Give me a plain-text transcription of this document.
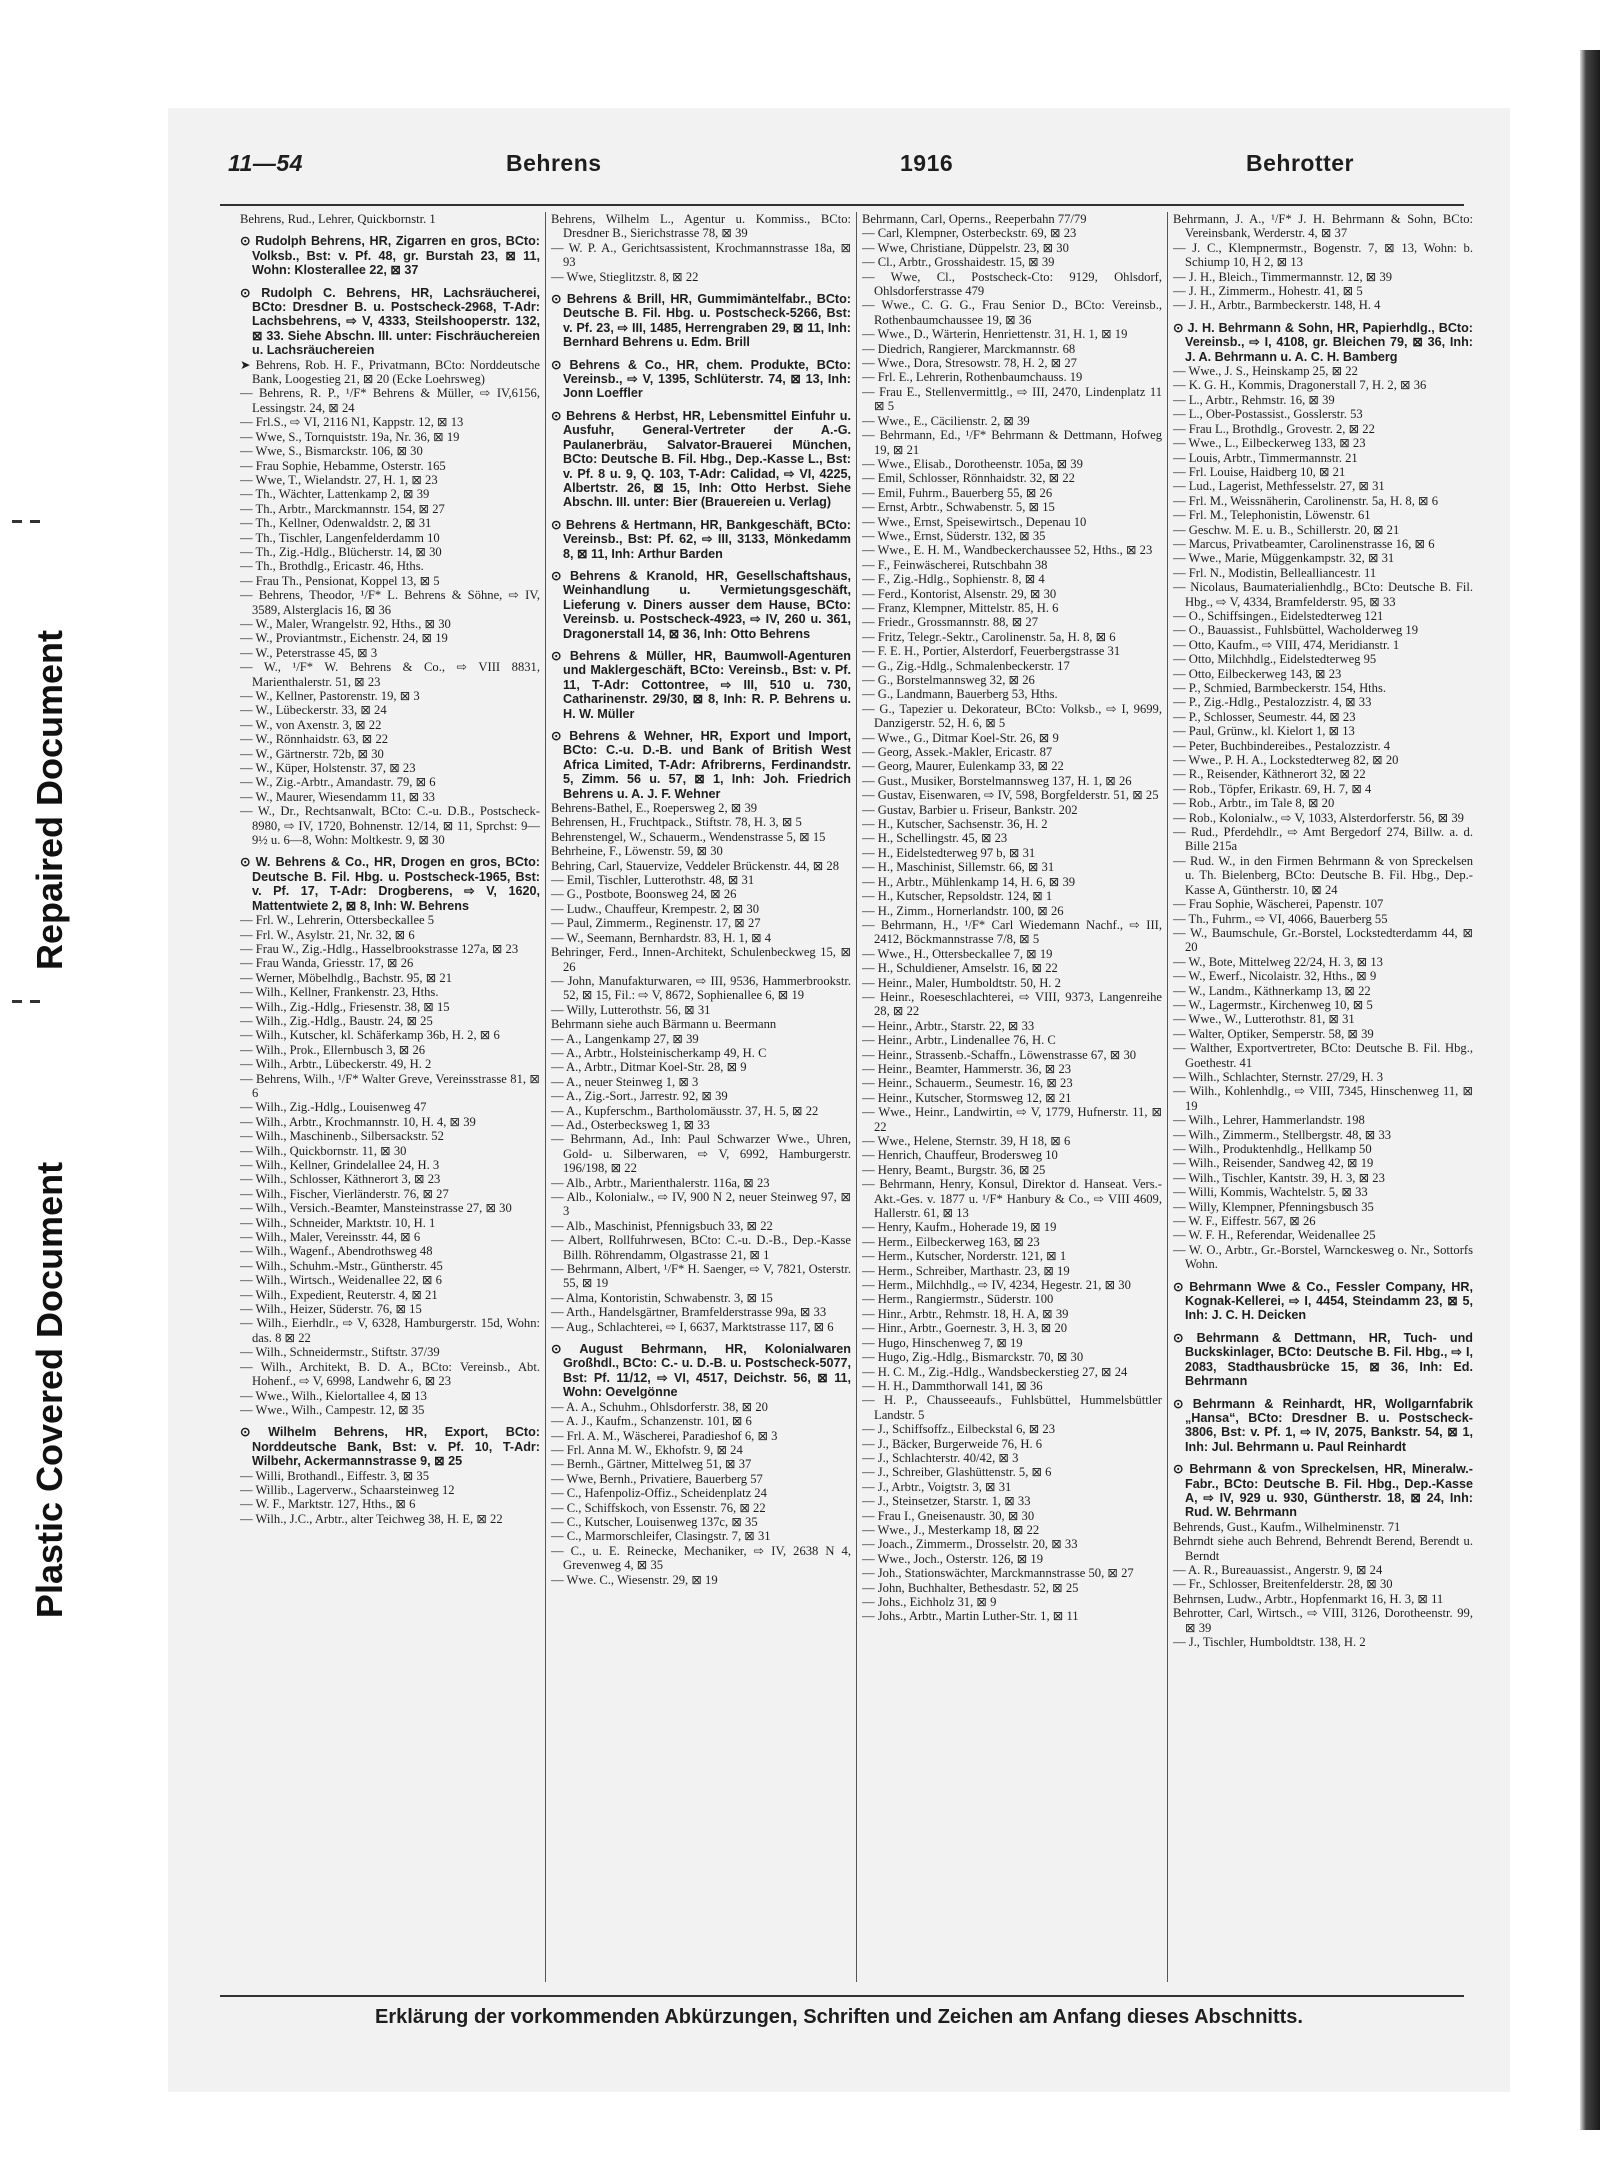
Repaired Document
Plastic Covered Document
11—54	Behrens	1916	Behrotter

Behrens, Rud., Lehrer, Quickbornstr. 1

⊙ Rudolph Behrens, HR, Zigarren en gros, BCto: Volksb., Bst: v. Pf. 48, gr. Burstah 23, ⊠ 11, Wohn: Klosterallee 22, ⊠ 37

⊙ Rudolph C. Behrens, HR, Lachsräucherei, BCto: Dresdner B. u. Postscheck-2968, T-Adr: Lachsbehrens, ⇨ V, 4333, Steilshooperstr. 132, ⊠ 33. Siehe Abschn. III. unter: Fischräuchereien u. Lachsräuchereien

➤ Behrens, Rob. H. F., Privatmann, BCto: Norddeutsche Bank, Loogestieg 21, ⊠ 20 (Ecke Loehrsweg)

— Behrens, R. P., ¹/F* Behrens & Müller, ⇨ IV,6156, Lessingstr. 24, ⊠ 24

— Frl.S., ⇨ VI, 2116 N1, Kappstr. 12, ⊠ 13

— Wwe, S., Tornquiststr. 19a, Nr. 36, ⊠ 19

— Wwe, S., Bismarckstr. 106, ⊠ 30

— Frau Sophie, Hebamme, Osterstr. 165

— Wwe, T., Wielandstr. 27, H. 1, ⊠ 23

— Th., Wächter, Lattenkamp 2, ⊠ 39

— Th., Arbtr., Marckmannstr. 154, ⊠ 27

— Th., Kellner, Odenwaldstr. 2, ⊠ 31

— Th., Tischler, Langenfelderdamm 10

— Th., Zig.-Hdlg., Blücherstr. 14, ⊠ 30

— Th., Brothdlg., Ericastr. 46, Hths.

— Frau Th., Pensionat, Koppel 13, ⊠ 5

— Behrens, Theodor, ¹/F* L. Behrens & Söhne, ⇨ IV, 3589, Alsterglacis 16, ⊠ 36

— W., Maler, Wrangelstr. 92, Hths., ⊠ 30

— W., Proviantmstr., Eichenstr. 24, ⊠ 19

— W., Peterstrasse 45, ⊠ 3

— W., ¹/F* W. Behrens & Co., ⇨ VIII 8831, Marienthalerstr. 51, ⊠ 23

— W., Kellner, Pastorenstr. 19, ⊠ 3

— W., Lübeckerstr. 33, ⊠ 24

— W., von Axenstr. 3, ⊠ 22

— W., Rönnhaidstr. 63, ⊠ 22

— W., Gärtnerstr. 72b, ⊠ 30

— W., Küper, Holstenstr. 37, ⊠ 23

— W., Zig.-Arbtr., Amandastr. 79, ⊠ 6

— W., Maurer, Wiesendamm 11, ⊠ 33

— W., Dr., Rechtsanwalt, BCto: C.-u. D.B., Postscheck-8980, ⇨ IV, 1720, Bohnenstr. 12/14, ⊠ 11, Sprchst: 9—9½ u. 6—8, Wohn: Moltkestr. 9, ⊠ 30

⊙ W. Behrens & Co., HR, Drogen en gros, BCto: Deutsche B. Fil. Hbg. u. Postscheck-1965, Bst: v. Pf. 17, T-Adr: Drogberens, ⇨ V, 1620, Mattentwiete 2, ⊠ 8, Inh: W. Behrens

— Frl. W., Lehrerin, Ottersbeckallee 5

— Frl. W., Asylstr. 21, Nr. 32, ⊠ 6

— Frau W., Zig.-Hdlg., Hasselbrookstrasse 127a, ⊠ 23

— Frau Wanda, Griesstr. 17, ⊠ 26

— Werner, Möbelhdlg., Bachstr. 95, ⊠ 21

— Wilh., Kellner, Frankenstr. 23, Hths.

— Wilh., Zig.-Hdlg., Friesenstr. 38, ⊠ 15

— Wilh., Zig.-Hdlg., Baustr. 24, ⊠ 25

— Wilh., Kutscher, kl. Schäferkamp 36b, H. 2, ⊠ 6

— Wilh., Prok., Ellernbusch 3, ⊠ 26

— Wilh., Arbtr., Lübeckerstr. 49, H. 2

— Behrens, Wilh., ¹/F* Walter Greve, Vereinsstrasse 81, ⊠ 6

— Wilh., Zig.-Hdlg., Louisenweg 47

— Wilh., Arbtr., Krochmannstr. 10, H. 4, ⊠ 39

— Wilh., Maschinenb., Silbersackstr. 52

— Wilh., Quickbornstr. 11, ⊠ 30

— Wilh., Kellner, Grindelallee 24, H. 3

— Wilh., Schlosser, Käthnerort 3, ⊠ 23

— Wilh., Fischer, Vierländerstr. 76, ⊠ 27

— Wilh., Versich.-Beamter, Mansteinstrasse 27, ⊠ 30

— Wilh., Schneider, Marktstr. 10, H. 1

— Wilh., Maler, Vereinsstr. 44, ⊠ 6

— Wilh., Wagenf., Abendrothsweg 48

— Wilh., Schuhm.-Mstr., Güntherstr. 45

— Wilh., Wirtsch., Weidenallee 22, ⊠ 6

— Wilh., Expedient, Reuterstr. 4, ⊠ 21

— Wilh., Heizer, Süderstr. 76, ⊠ 15

— Wilh., Eierhdlr., ⇨ V, 6328, Hamburgerstr. 15d, Wohn: das. 8 ⊠ 22

— Wilh., Schneidermstr., Stiftstr. 37/39

— Wilh., Architekt, B. D. A., BCto: Vereinsb., Abt. Hohenf., ⇨ V, 6998, Landwehr 6, ⊠ 23

— Wwe., Wilh., Kielortallee 4, ⊠ 13

— Wwe., Wilh., Campestr. 12, ⊠ 35

⊙ Wilhelm Behrens, HR, Export, BCto: Norddeutsche Bank, Bst: v. Pf. 10, T-Adr: Wilbehr, Ackermannstrasse 9, ⊠ 25

— Willi, Brothandl., Eiffestr. 3, ⊠ 35

— Willib., Lagerverw., Schaarsteinweg 12

— W. F., Marktstr. 127, Hths., ⊠ 6

— Wilh., J.C., Arbtr., alter Teichweg 38, H. E, ⊠ 22

Behrens, Wilhelm L., Agentur u. Kommiss., BCto: Dresdner B., Sierichstrasse 78, ⊠ 39

— W. P. A., Gerichtsassistent, Krochmannstrasse 18a, ⊠ 93

— Wwe, Stieglitzstr. 8, ⊠ 22

⊙ Behrens & Brill, HR, Gummimäntelfabr., BCto: Deutsche B. Fil. Hbg. u. Postscheck-5266, Bst: v. Pf. 23, ⇨ III, 1485, Herrengraben 29, ⊠ 11, Inh: Bernhard Behrens u. Edm. Brill

⊙ Behrens & Co., HR, chem. Produkte, BCto: Vereinsb., ⇨ V, 1395, Schlüterstr. 74, ⊠ 13, Inh: Jonn Loeffler

⊙ Behrens & Herbst, HR, Lebensmittel Einfuhr u. Ausfuhr, General-Vertreter der A.-G. Paulanerbräu, Salvator-Brauerei München, BCto: Deutsche B. Fil. Hbg., Dep.-Kasse L., Bst: v. Pf. 8 u. 9, Q. 103, T-Adr: Calidad, ⇨ VI, 4225, Albertstr. 26, ⊠ 15, Inh: Otto Herbst. Siehe Abschn. III. unter: Bier (Brauereien u. Verlag)

⊙ Behrens & Hertmann, HR, Bankgeschäft, BCto: Vereinsb., Bst: Pf. 62, ⇨ III, 3133, Mönkedamm 8, ⊠ 11, Inh: Arthur Barden

⊙ Behrens & Kranold, HR, Gesellschaftshaus, Weinhandlung u. Vermietungsgeschäft, Lieferung v. Diners ausser dem Hause, BCto: Vereinsb. u. Postscheck-4923, ⇨ IV, 260 u. 361, Dragonerstall 14, ⊠ 36, Inh: Otto Behrens

⊙ Behrens & Müller, HR, Baumwoll-Agenturen und Maklergeschäft, BCto: Vereinsb., Bst: v. Pf. 11, T-Adr: Cottontree, ⇨ III, 510 u. 730, Catharinenstr. 29/30, ⊠ 8, Inh: R. P. Behrens u. H. W. Müller

⊙ Behrens & Wehner, HR, Export und Import, BCto: C.-u. D.-B. und Bank of British West Africa Limited, T-Adr: Afribrerns, Ferdinandstr. 5, Zimm. 56 u. 57, ⊠ 1, Inh: Joh. Friedrich Behrens u. A. J. F. Wehner

Behrens-Bathel, E., Roepersweg 2, ⊠ 39

Behrensen, H., Fruchtpack., Stiftstr. 78, H. 3, ⊠ 5

Behrenstengel, W., Schauerm., Wendenstrasse 5, ⊠ 15

Behrheine, F., Löwenstr. 59, ⊠ 30

Behring, Carl, Stauervize, Veddeler Brückenstr. 44, ⊠ 28

— Emil, Tischler, Lutterothstr. 48, ⊠ 31

— G., Postbote, Boonsweg 24, ⊠ 26

— Ludw., Chauffeur, Krempestr. 2, ⊠ 30

— Paul, Zimmerm., Reginenstr. 17, ⊠ 27

— W., Seemann, Bernhardstr. 83, H. 1, ⊠ 4

Behringer, Ferd., Innen-Architekt, Schulenbeckweg 15, ⊠ 26

— John, Manufakturwaren, ⇨ III, 9536, Hammerbrookstr. 52, ⊠ 15, Fil.: ⇨ V, 8672, Sophienallee 6, ⊠ 19

— Willy, Lutterothstr. 56, ⊠ 31

Behrmann siehe auch Bärmann u. Beermann

— A., Langenkamp 27, ⊠ 39

— A., Arbtr., Holsteinischerkamp 49, H. C

— A., Arbtr., Ditmar Koel-Str. 28, ⊠ 9

— A., neuer Steinweg 1, ⊠ 3

— A., Zig.-Sort., Jarrestr. 92, ⊠ 39

— A., Kupferschm., Bartholomäusstr. 37, H. 5, ⊠ 22

— Ad., Osterbecksweg 1, ⊠ 33

— Behrmann, Ad., Inh: Paul Schwarzer Wwe., Uhren, Gold- u. Silberwaren, ⇨ V, 6992, Hamburgerstr. 196/198, ⊠ 22

— Alb., Arbtr., Marienthalerstr. 116a, ⊠ 23

— Alb., Kolonialw., ⇨ IV, 900 N 2, neuer Steinweg 97, ⊠ 3

— Alb., Maschinist, Pfennigsbuch 33, ⊠ 22

— Albert, Rollfuhrwesen, BCto: C.-u. D.-B., Dep.-Kasse Billh. Röhrendamm, Olgastrasse 21, ⊠ 1

— Behrmann, Albert, ¹/F* H. Saenger, ⇨ V, 7821, Osterstr. 55, ⊠ 19

— Alma, Kontoristin, Schwabenstr. 3, ⊠ 15

— Arth., Handelsgärtner, Bramfelderstrasse 99a, ⊠ 33

— Aug., Schlachterei, ⇨ I, 6637, Marktstrasse 117, ⊠ 6

⊙ August Behrmann, HR, Kolonialwaren Großhdl., BCto: C.- u. D.-B. u. Postscheck-5077, Bst: Pf. 11/12, ⇨ VI, 4517, Deichstr. 56, ⊠ 11, Wohn: Oevelgönne

— A. A., Schuhm., Ohlsdorferstr. 38, ⊠ 20

— A. J., Kaufm., Schanzenstr. 101, ⊠ 6

— Frl. A. M., Wäscherei, Paradieshof 6, ⊠ 3

— Frl. Anna M. W., Ekhofstr. 9, ⊠ 24

— Bernh., Gärtner, Mittelweg 51, ⊠ 37

— Wwe, Bernh., Privatiere, Bauerberg 57

— C., Hafenpoliz-Offiz., Scheidenplatz 24

— C., Schiffskoch, von Essenstr. 76, ⊠ 22

— C., Kutscher, Louisenweg 137c, ⊠ 35

— C., Marmorschleifer, Clasingstr. 7, ⊠ 31

— C., u. E. Reinecke, Mechaniker, ⇨ IV, 2638 N 4, Grevenweg 4, ⊠ 35

— Wwe. C., Wiesenstr. 29, ⊠ 19

Behrmann, Carl, Operns., Reeperbahn 77/79

— Carl, Klempner, Osterbeckstr. 69, ⊠ 23

— Wwe, Christiane, Düppelstr. 23, ⊠ 30

— Cl., Arbtr., Grosshaidestr. 15, ⊠ 39

— Wwe, Cl., Postscheck-Cto: 9129, Ohlsdorf, Ohlsdorferstrasse 479

— Wwe., C. G. G., Frau Senior D., BCto: Vereinsb., Rothenbaumchaussee 19, ⊠ 36

— Wwe., D., Wärterin, Henriettenstr. 31, H. 1, ⊠ 19

— Diedrich, Rangierer, Marckmannstr. 68

— Wwe., Dora, Stresowstr. 78, H. 2, ⊠ 27

— Frl. E., Lehrerin, Rothenbaumchauss. 19

— Frau E., Stellenvermittlg., ⇨ III, 2470, Lindenplatz 11 ⊠ 5

— Wwe., E., Cäcilienstr. 2, ⊠ 39

— Behrmann, Ed., ¹/F* Behrmann & Dettmann, Hofweg 19, ⊠ 21

— Wwe., Elisab., Dorotheenstr. 105a, ⊠ 39

— Emil, Schlosser, Rönnhaidstr. 32, ⊠ 22

— Emil, Fuhrm., Bauerberg 55, ⊠ 26

— Ernst, Arbtr., Schwabenstr. 5, ⊠ 15

— Wwe., Ernst, Speisewirtsch., Depenau 10

— Wwe., Ernst, Süderstr. 132, ⊠ 35

— Wwe., E. H. M., Wandbeckerchaussee 52, Hths., ⊠ 23

— F., Feinwäscherei, Rutschbahn 38

— F., Zig.-Hdlg., Sophienstr. 8, ⊠ 4

— Ferd., Kontorist, Alsenstr. 29, ⊠ 30

— Franz, Klempner, Mittelstr. 85, H. 6

— Friedr., Grossmannstr. 88, ⊠ 27

— Fritz, Telegr.-Sektr., Carolinenstr. 5a, H. 8, ⊠ 6

— F. E. H., Portier, Alsterdorf, Feuerbergstrasse 31

— G., Zig.-Hdlg., Schmalenbeckerstr. 17

— G., Borstelmannsweg 32, ⊠ 26

— G., Landmann, Bauerberg 53, Hths.

— G., Tapezier u. Dekorateur, BCto: Volksb., ⇨ I, 9699, Danzigerstr. 52, H. 6, ⊠ 5

— Wwe., G., Ditmar Koel-Str. 26, ⊠ 9

— Georg, Assek.-Makler, Ericastr. 87

— Georg, Maurer, Eulenkamp 33, ⊠ 22

— Gust., Musiker, Borstelmannsweg 137, H. 1, ⊠ 26

— Gustav, Eisenwaren, ⇨ IV, 598, Borgfelderstr. 51, ⊠ 25

— Gustav, Barbier u. Friseur, Bankstr. 202

— H., Kutscher, Sachsenstr. 36, H. 2

— H., Schellingstr. 45, ⊠ 23

— H., Eidelstedterweg 97 b, ⊠ 31

— H., Maschinist, Sillemstr. 66, ⊠ 31

— H., Arbtr., Mühlenkamp 14, H. 6, ⊠ 39

— H., Kutscher, Repsoldstr. 124, ⊠ 1

— H., Zimm., Hornerlandstr. 100, ⊠ 26

— Behrmann, H., ¹/F* Carl Wiedemann Nachf., ⇨ III, 2412, Böckmannstrasse 7/8, ⊠ 5

— Wwe., H., Ottersbeckallee 7, ⊠ 19

— H., Schuldiener, Amselstr. 16, ⊠ 22

— Heinr., Maler, Humboldtstr. 50, H. 2

— Heinr., Roeseschlachterei, ⇨ VIII, 9373, Langenreihe 28, ⊠ 22

— Heinr., Arbtr., Starstr. 22, ⊠ 33

— Heinr., Arbtr., Lindenallee 76, H. C

— Heinr., Strassenb.-Schaffn., Löwenstrasse 67, ⊠ 30

— Heinr., Beamter, Hammerstr. 36, ⊠ 23

— Heinr., Schauerm., Seumestr. 16, ⊠ 23

— Heinr., Kutscher, Stormsweg 12, ⊠ 21

— Wwe., Heinr., Landwirtin, ⇨ V, 1779, Hufnerstr. 11, ⊠ 22

— Wwe., Helene, Sternstr. 39, H 18, ⊠ 6

— Henrich, Chauffeur, Brodersweg 10

— Henry, Beamt., Burgstr. 36, ⊠ 25

— Behrmann, Henry, Konsul, Direktor d. Hanseat. Vers.-Akt.-Ges. v. 1877 u. ¹/F* Hanbury & Co., ⇨ VIII 4609, Hallerstr. 61, ⊠ 13

— Henry, Kaufm., Hoherade 19, ⊠ 19

— Herm., Eilbeckerweg 163, ⊠ 23

— Herm., Kutscher, Norderstr. 121, ⊠ 1

— Herm., Schreiber, Marthastr. 23, ⊠ 19

— Herm., Milchhdlg., ⇨ IV, 4234, Hegestr. 21, ⊠ 30

— Herm., Rangiermstr., Süderstr. 100

— Hinr., Arbtr., Rehmstr. 18, H. A, ⊠ 39

— Hinr., Arbtr., Goernestr. 3, H. 3, ⊠ 20

— Hugo, Hinschenweg 7, ⊠ 19

— Hugo, Zig.-Hdlg., Bismarckstr. 70, ⊠ 30

— H. C. M., Zig.-Hdlg., Wandsbeckerstieg 27, ⊠ 24

— H. H., Dammthorwall 141, ⊠ 36

— H. P., Chausseeaufs., Fuhlsbüttel, Hummelsbüttler Landstr. 5

— J., Schiffsoffz., Eilbeckstal 6, ⊠ 23

— J., Bäcker, Burgerweide 76, H. 6

— J., Schlachterstr. 40/42, ⊠ 3

— J., Schreiber, Glashüttenstr. 5, ⊠ 6

— J., Arbtr., Voigtstr. 3, ⊠ 31

— J., Steinsetzer, Starstr. 1, ⊠ 33

— Frau I., Gneisenaustr. 30, ⊠ 30

— Wwe., J., Mesterkamp 18, ⊠ 22

— Joach., Zimmerm., Drosselstr. 20, ⊠ 33

— Wwe., Joch., Osterstr. 126, ⊠ 19

— Joh., Stationswächter, Marckmannstrasse 50, ⊠ 27

— John, Buchhalter, Bethesdastr. 52, ⊠ 25

— Johs., Eichholz 31, ⊠ 9

— Johs., Arbtr., Martin Luther-Str. 1, ⊠ 11

Behrmann, J. A., ¹/F* J. H. Behrmann & Sohn, BCto: Vereinsbank, Werderstr. 4, ⊠ 37

— J. C., Klempnermstr., Bogenstr. 7, ⊠ 13, Wohn: b. Schiump 10, H 2, ⊠ 13

— J. H., Bleich., Timmermannstr. 12, ⊠ 39

— J. H., Zimmerm., Hohestr. 41, ⊠ 5

— J. H., Arbtr., Barmbeckerstr. 148, H. 4

⊙ J. H. Behrmann & Sohn, HR, Papierhdlg., BCto: Vereinsb., ⇨ I, 4108, gr. Bleichen 79, ⊠ 36, Inh: J. A. Behrmann u. A. C. H. Bamberg

— Wwe., J. S., Heinskamp 25, ⊠ 22

— K. G. H., Kommis, Dragonerstall 7, H. 2, ⊠ 36

— L., Arbtr., Rehmstr. 16, ⊠ 39

— L., Ober-Postassist., Gosslerstr. 53

— Frau L., Brothdlg., Grovestr. 2, ⊠ 22

— Wwe., L., Eilbeckerweg 133, ⊠ 23

— Louis, Arbtr., Timmermannstr. 21

— Frl. Louise, Haidberg 10, ⊠ 21

— Lud., Lagerist, Methfesselstr. 27, ⊠ 31

— Frl. M., Weissnäherin, Carolinenstr. 5a, H. 8, ⊠ 6

— Frl. M., Telephonistin, Löwenstr. 61

— Geschw. M. E. u. B., Schillerstr. 20, ⊠ 21

— Marcus, Privatbeamter, Carolinenstrasse 16, ⊠ 6

— Wwe., Marie, Müggenkampstr. 32, ⊠ 31

— Frl. N., Modistin, Belleallianсestr. 11

— Nicolaus, Baumaterialienhdlg., BCto: Deutsche B. Fil. Hbg., ⇨ V, 4334, Bramfelderstr. 95, ⊠ 33

— O., Schiffsingen., Eidelstedterweg 121

— O., Bauassist., Fuhlsbüttel, Wacholderweg 19

— Otto, Kaufm., ⇨ VIII, 474, Meridianstr. 1

— Otto, Milchhdlg., Eidelstedterweg 95

— Otto, Eilbeckerweg 143, ⊠ 23

— P., Schmied, Barmbeckerstr. 154, Hths.

— P., Zig.-Hdlg., Pestalozzistr. 4, ⊠ 33

— P., Schlosser, Seumestr. 44, ⊠ 23

— Paul, Grünw., kl. Kielort 1, ⊠ 13

— Peter, Buchbindereibes., Pestalozzistr. 4

— Wwe., P. H. A., Lockstedterweg 82, ⊠ 20

— R., Reisender, Käthnerort 32, ⊠ 22

— Rob., Töpfer, Erikastr. 69, H. 7, ⊠ 4

— Rob., Arbtr., im Tale 8, ⊠ 20

— Rob., Kolonialw., ⇨ V, 1033, Alsterdorferstr. 56, ⊠ 39

— Rud., Pferdehdlr., ⇨ Amt Bergedorf 274, Billw. a. d. Bille 215a

— Rud. W., in den Firmen Behrmann & von Spreckelsen u. Th. Bielenberg, BCto: Deutsche B. Fil. Hbg., Dep.-Kasse A, Güntherstr. 10, ⊠ 24

— Frau Sophie, Wäscherei, Papenstr. 107

— Th., Fuhrm., ⇨ VI, 4066, Bauerberg 55

— W., Baumschule, Gr.-Borstel, Lockstedterdamm 44, ⊠ 20

— W., Bote, Mittelweg 22/24, H. 3, ⊠ 13

— W., Ewerf., Nicolaistr. 32, Hths., ⊠ 9

— W., Landm., Käthnerkamp 13, ⊠ 22

— W., Lagermstr., Kirchenweg 10, ⊠ 5

— Wwe., W., Lutterothstr. 81, ⊠ 31

— Walter, Optiker, Semperstr. 58, ⊠ 39

— Walther, Exportvertreter, BCto: Deutsche B. Fil. Hbg., Goethestr. 41

— Wilh., Schlachter, Sternstr. 27/29, H. 3

— Wilh., Kohlenhdlg., ⇨ VIII, 7345, Hinschenweg 11, ⊠ 19

— Wilh., Lehrer, Hammerlandstr. 198

— Wilh., Zimmerm., Stellbergstr. 48, ⊠ 33

— Wilh., Produktenhdlg., Hellkamp 50

— Wilh., Reisender, Sandweg 42, ⊠ 19

— Wilh., Tischler, Kantstr. 39, H. 3, ⊠ 23

— Willi, Kommis, Wachtelstr. 5, ⊠ 33

— Willy, Klempner, Pfenningsbusch 35

— W. F., Eiffestr. 567, ⊠ 26

— W. F. H., Referendar, Weidenallee 25

— W. O., Arbtr., Gr.-Borstel, Warnckesweg o. Nr., Sottorfs Wohn.

⊙ Behrmann Wwe & Co., Fessler Company, HR, Kognak-Kellerei, ⇨ I, 4454, Steindamm 23, ⊠ 5, Inh: J. C. H. Deicken

⊙ Behrmann & Dettmann, HR, Tuch- und Buckskinlager, BCto: Deutsche B. Fil. Hbg., ⇨ I, 2083, Stadthausbrücke 15, ⊠ 36, Inh: Ed. Behrmann

⊙ Behrmann & Reinhardt, HR, Wollgarnfabrik „Hansa“, BCto: Dresdner B. u. Postscheck-3806, Bst: v. Pf. 1, ⇨ IV, 2075, Bankstr. 54, ⊠ 1, Inh: Jul. Behrmann u. Paul Reinhardt

⊙ Behrmann & von Spreckelsen, HR, Mineralw.-Fabr., BCto: Deutsche B. Fil. Hbg., Dep.-Kasse A, ⇨ IV, 929 u. 930, Güntherstr. 18, ⊠ 24, Inh: Rud. W. Behrmann

Behrends, Gust., Kaufm., Wilhelminenstr. 71

Behrndt siehe auch Behrend, Behrendt Berend, Berendt u. Berndt

— A. R., Bureauassist., Angerstr. 9, ⊠ 24

— Fr., Schlosser, Breitenfelderstr. 28, ⊠ 30

Behrnsen, Ludw., Arbtr., Hopfenmarkt 16, H. 3, ⊠ 11

Behrotter, Carl, Wirtsch., ⇨ VIII, 3126, Dorotheenstr. 99, ⊠ 39

— J., Tischler, Humboldtstr. 138, H. 2

Erklärung der vorkommenden Abkürzungen, Schriften und Zeichen am Anfang dieses Abschnitts.
